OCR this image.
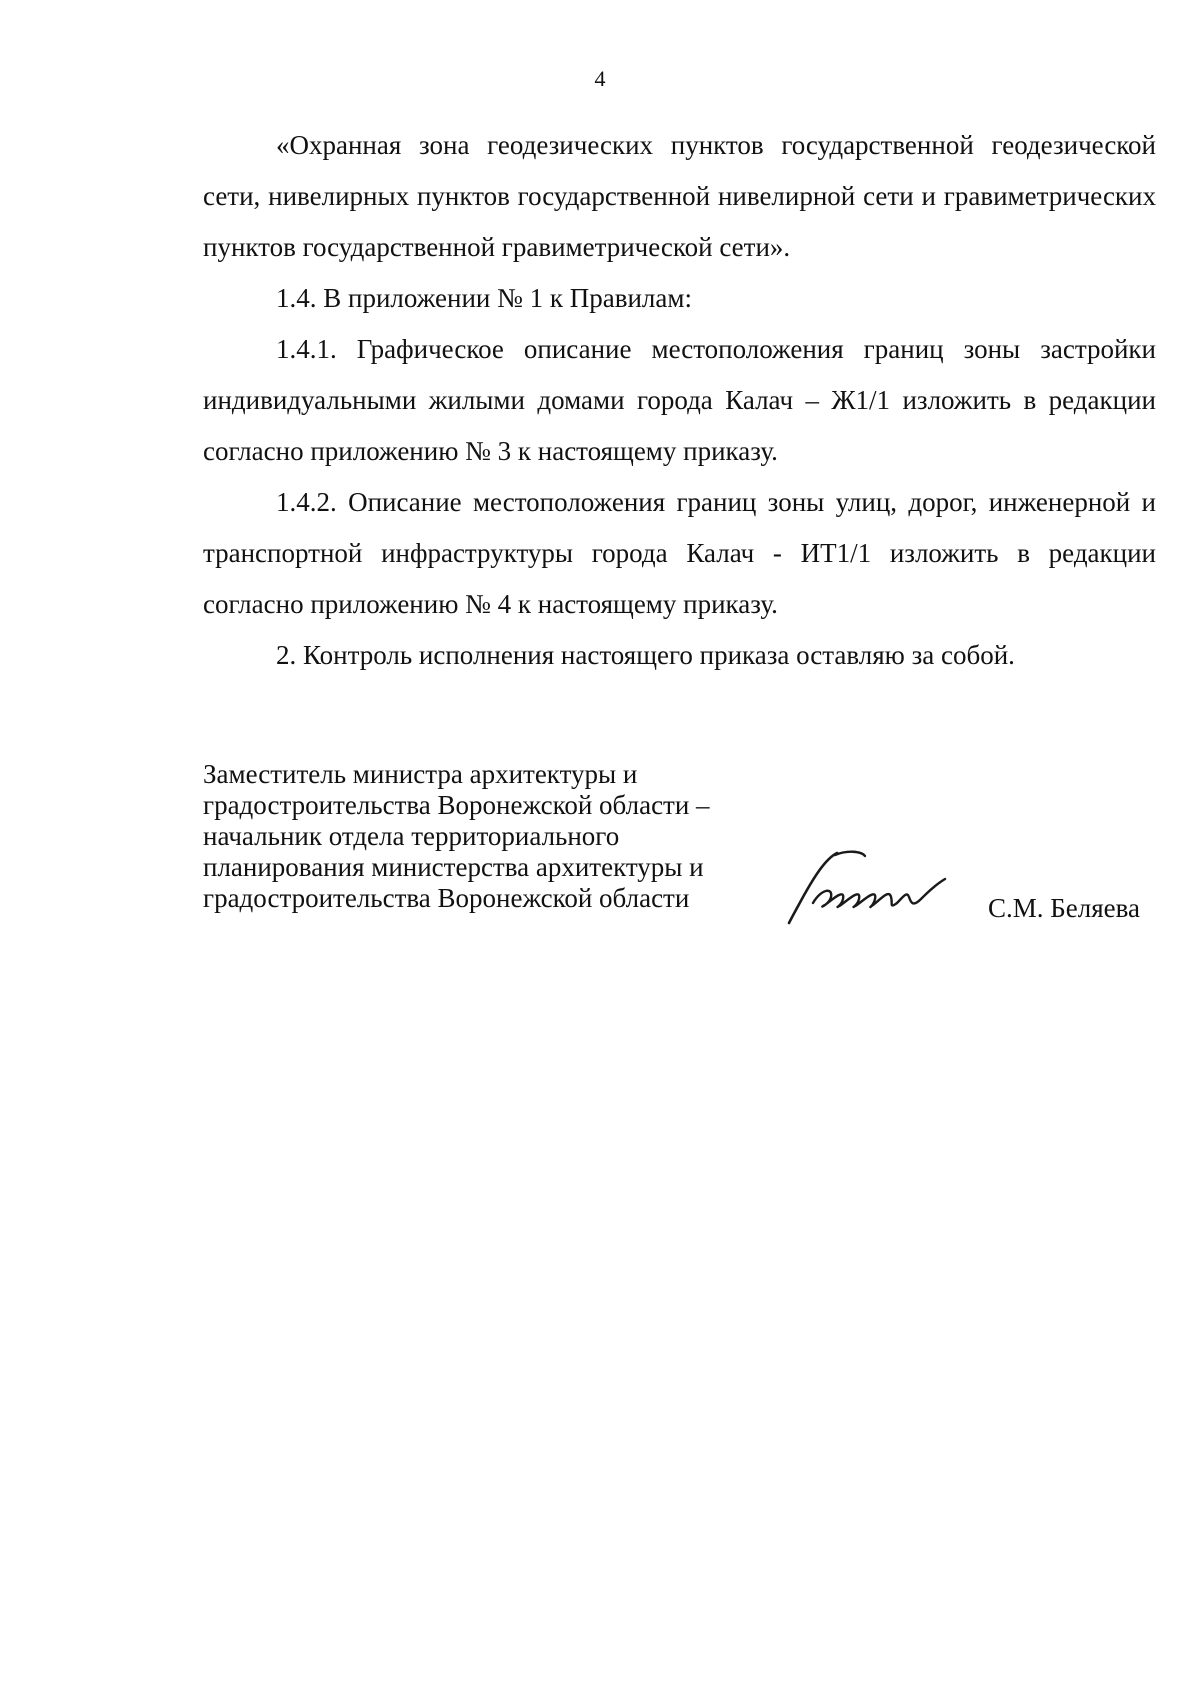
4

«Охранная зона геодезических пунктов государственной геодезической сети, нивелирных пунктов государственной нивелирной сети и гравиметрических пунктов государственной гравиметрической сети».

1.4. В приложении № 1 к Правилам:

1.4.1. Графическое описание местоположения границ зоны застройки индивидуальными жилыми домами города Калач – Ж1/1 изложить в редакции согласно приложению № 3 к настоящему приказу.

1.4.2. Описание местоположения границ зоны улиц, дорог, инженерной и транспортной инфраструктуры города Калач - ИТ1/1 изложить в редакции согласно приложению № 4 к настоящему приказу.

2. Контроль исполнения настоящего приказа оставляю за собой.

Заместитель министра архитектуры и
градостроительства Воронежской области –
начальник отдела территориального
планирования министерства архитектуры и
градостроительства Воронежской области	С.М. Беляева
